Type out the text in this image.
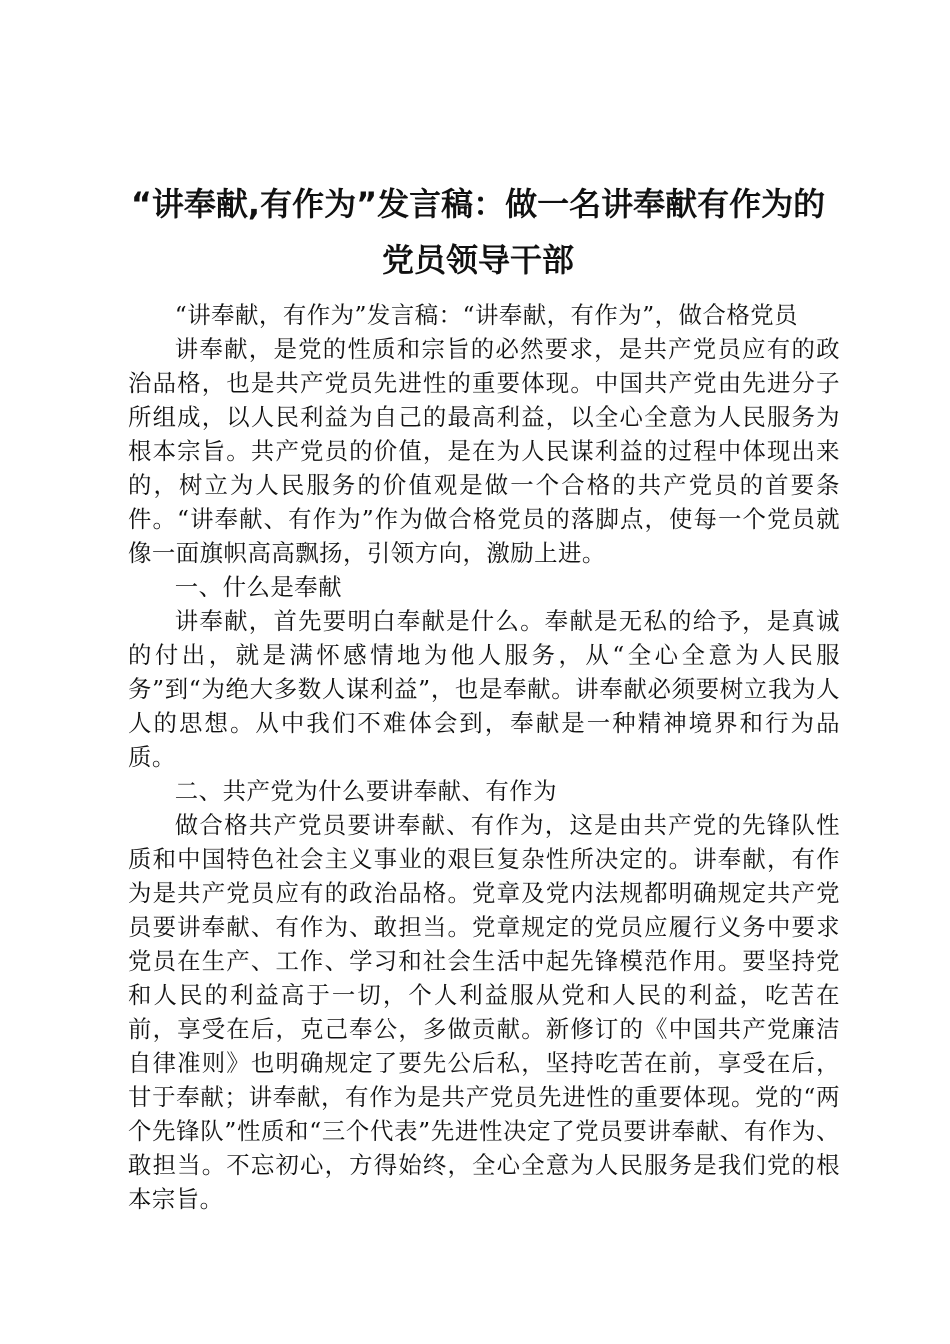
“讲奉献,有作为”发言稿：做一名讲奉献有作为的党员领导干部

“讲奉献，有作为”发言稿：“讲奉献，有作为”，做合格党员

讲奉献，是党的性质和宗旨的必然要求，是共产党员应有的政治品格，也是共产党员先进性的重要体现。中国共产党由先进分子所组成，以人民利益为自己的最高利益，以全心全意为人民服务为根本宗旨。共产党员的价值，是在为人民谋利益的过程中体现出来的，树立为人民服务的价值观是做一个合格的共产党员的首要条件。“讲奉献、有作为”作为做合格党员的落脚点，使每一个党员就像一面旗帜高高飘扬，引领方向，激励上进。

一、什么是奉献

讲奉献，首先要明白奉献是什么。奉献是无私的给予，是真诚的付出，就是满怀感情地为他人服务，从“全心全意为人民服务”到“为绝大多数人谋利益”，也是奉献。讲奉献必须要树立我为人人的思想。从中我们不难体会到，奉献是一种精神境界和行为品质。

二、共产党为什么要讲奉献、有作为

做合格共产党员要讲奉献、有作为，这是由共产党的先锋队性质和中国特色社会主义事业的艰巨复杂性所决定的。讲奉献，有作为是共产党员应有的政治品格。党章及党内法规都明确规定共产党员要讲奉献、有作为、敢担当。党章规定的党员应履行义务中要求党员在生产、工作、学习和社会生活中起先锋模范作用。要坚持党和人民的利益高于一切，个人利益服从党和人民的利益，吃苦在前，享受在后，克己奉公，多做贡献。新修订的《中国共产党廉洁自律准则》也明确规定了要先公后私，坚持吃苦在前，享受在后，甘于奉献；讲奉献，有作为是共产党员先进性的重要体现。党的“两个先锋队”性质和“三个代表”先进性决定了党员要讲奉献、有作为、敢担当。不忘初心，方得始终，全心全意为人民服务是我们党的根本宗旨。
